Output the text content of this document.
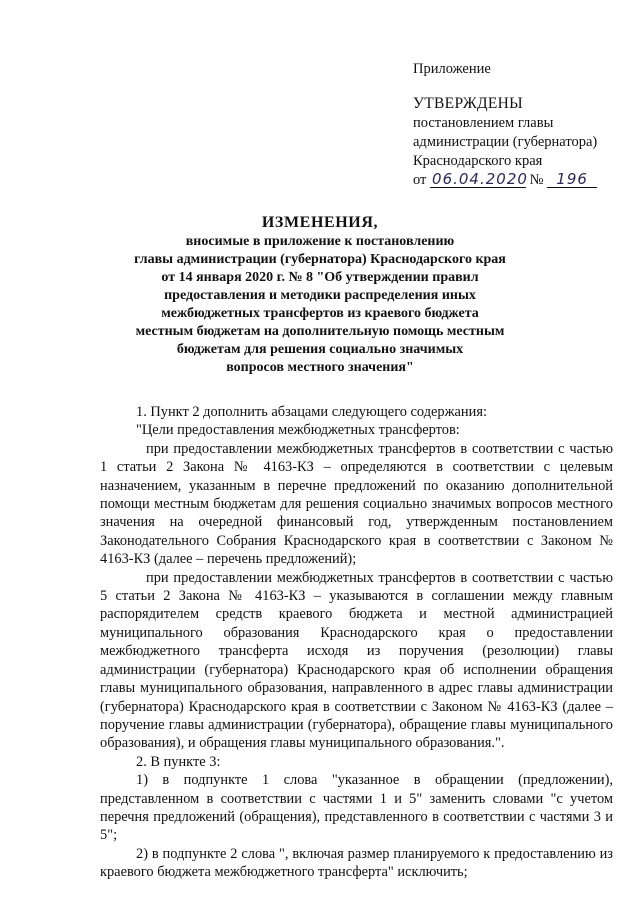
Приложение
УТВЕРЖДЕНЫ
постановлением главы
администрации (губернатора)
Краснодарского края
от 06.04.2020 № 196
ИЗМЕНЕНИЯ,
вносимые в приложение к постановлению
главы администрации (губернатора) Краснодарского края
от 14 января 2020 г. № 8 "Об утверждении правил
предоставления и методики распределения иных
межбюджетных трансфертов из краевого бюджета
местным бюджетам на дополнительную помощь местным
бюджетам для решения социально значимых
вопросов местного значения"

1. Пункт 2 дополнить абзацами следующего содержания:

"Цели предоставления межбюджетных трансфертов:

при предоставлении межбюджетных трансфертов в соответствии с частью 1 статьи 2 Закона № 4163-КЗ – определяются в соответствии с целевым назначением, указанным в перечне предложений по оказанию дополнительной помощи местным бюджетам для решения социально значимых вопросов местного значения на очередной финансовый год, утвержденным постановлением Законодательного Собрания Краснодарского края в соответствии с Законом № 4163-КЗ (далее – перечень предложений);

при предоставлении межбюджетных трансфертов в соответствии с частью 5 статьи 2 Закона № 4163-КЗ – указываются в соглашении между главным распорядителем средств краевого бюджета и местной администрацией муниципального образования Краснодарского края о предоставлении межбюджетного трансферта исходя из поручения (резолюции) главы администрации (губернатора) Краснодарского края об исполнении обращения главы муниципального образования, направленного в адрес главы администрации (губернатора) Краснодарского края в соответствии с Законом № 4163-КЗ (далее – поручение главы администрации (губернатора), обращение главы муниципального образования), и обращения главы муниципального образования.".

2. В пункте 3:

1) в подпункте 1 слова "указанное в обращении (предложении), представленном в соответствии с частями 1 и 5" заменить словами "с учетом перечня предложений (обращения), представленного в соответствии с частями 3 и 5";

2) в подпункте 2 слова ", включая размер планируемого к предоставлению из краевого бюджета межбюджетного трансферта" исключить;
